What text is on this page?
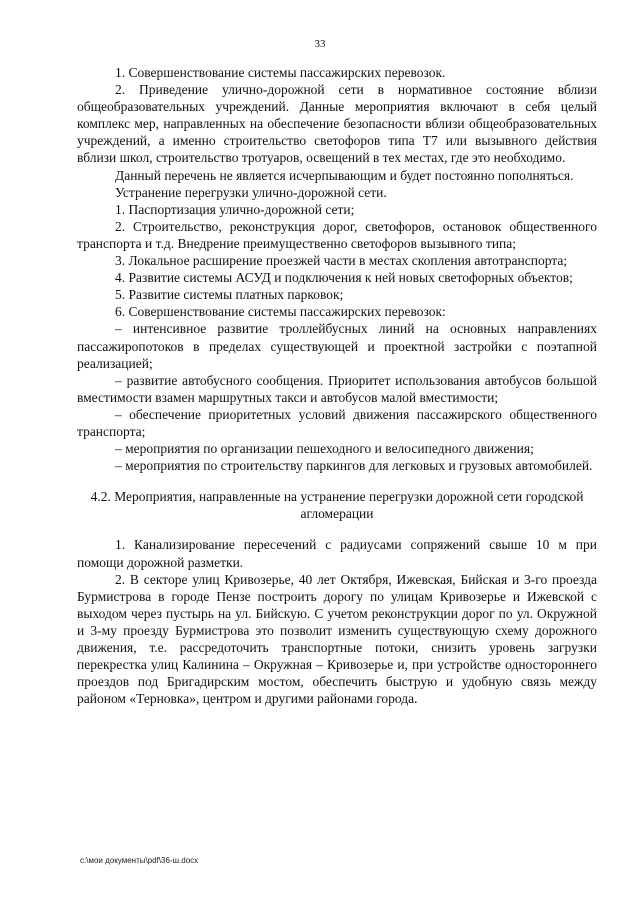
33

1. Совершенствование системы пассажирских перевозок.

2. Приведение улично-дорожной сети в нормативное состояние вблизи общеобразовательных учреждений. Данные мероприятия включают в себя целый комплекс мер, направленных на обеспечение безопасности вблизи общеобразовательных учреждений, а именно строительство светофоров типа Т7 или вызывного действия вблизи школ, строительство тротуаров, освещений в тех местах, где это необходимо.

Данный перечень не является исчерпывающим и будет постоянно пополняться.

Устранение перегрузки улично-дорожной сети.

1. Паспортизация улично-дорожной сети;

2. Строительство, реконструкция дорог, светофоров, остановок общественного транспорта и т.д. Внедрение преимущественно светофоров вызывного типа;

3. Локальное расширение проезжей части в местах скопления автотранспорта;

4. Развитие системы АСУД и подключения к ней новых светофорных объектов;

5. Развитие системы платных парковок;

6. Совершенствование системы пассажирских перевозок:

– интенсивное развитие троллейбусных линий на основных направлениях пассажиропотоков в пределах существующей и проектной застройки с поэтапной реализацией;

– развитие автобусного сообщения. Приоритет использования автобусов большой вместимости взамен маршрутных такси и автобусов малой вместимости;

– обеспечение приоритетных условий движения пассажирского общественного транспорта;

– мероприятия по организации пешеходного и велосипедного движения;

– мероприятия по строительству паркингов для легковых и грузовых автомобилей.

4.2. Мероприятия, направленные на устранение перегрузки дорожной сети городской агломерации

1. Канализирование пересечений с радиусами сопряжений свыше 10 м при помощи дорожной разметки.

2. В секторе улиц Кривозерье, 40 лет Октября, Ижевская, Бийская и 3-го проезда Бурмистрова в городе Пензе построить дорогу по улицам Кривозерье и Ижевской с выходом через пустырь на ул. Бийскую. С учетом реконструкции дорог по ул. Окружной и 3-му проезду Бурмистрова это позволит изменить существующую схему дорожного движения, т.е. рассредоточить транспортные потоки, снизить уровень загрузки перекрестка улиц Калинина – Окружная – Кривозерье и, при устройстве одностороннего проездов под Бригадирским мостом, обеспечить быструю и удобную связь между районом «Терновка», центром и другими районами города.

c:\мои документы\pdf\36-ш.docx
